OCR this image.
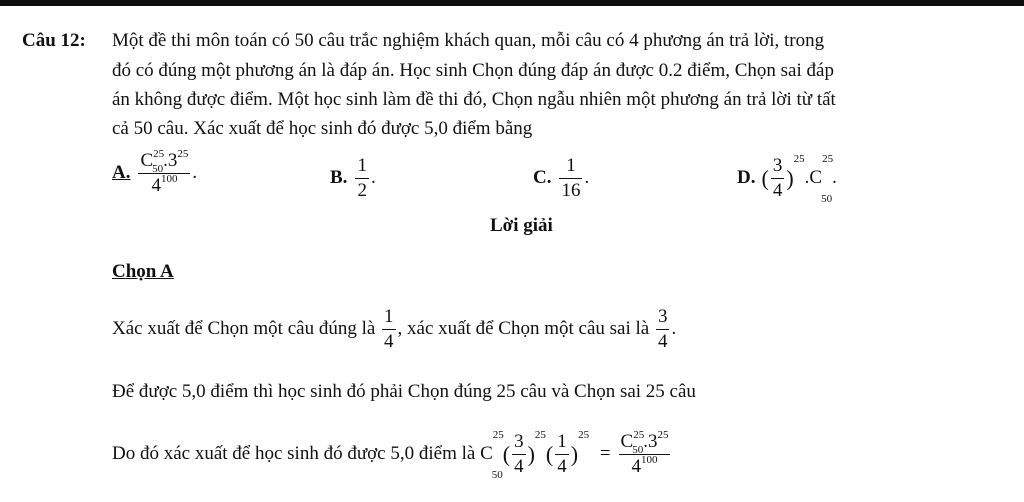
Câu 12: Một đề thi môn toán có 50 câu trắc nghiệm khách quan, mỗi câu có 4 phương án trả lời, trong
đó có đúng một phương án là đáp án. Học sinh Chọn đúng đáp án được 0.2 điểm, Chọn sai đáp
án không được điểm. Một học sinh làm đề thi đó, Chọn ngẫu nhiên một phương án trả lời từ tất
cả 50 câu. Xác xuất để học sinh đó được 5,0 điểm bằng
A. $\frac{C^{25}50.3^{25}}{4^{100}}$ .	B. $\frac{1}{2}$ .	C. $\frac{1}{16}$ .	D. ( $\frac{3}{4} )^{25}.C^{25}50$.
Lời giải
Chọn A
Xác xuất để Chọn một câu đúng là $\frac{1}{4}$ , xác xuất để Chọn một câu sai là $\frac{3}{4}$ .
Để được 5,0 điểm thì học sinh đó phải Chọn đúng 25 câu và Chọn sai 25 câu
Do đó xác xuất để học sinh đó được 5,0 điểm là $C^{25}50( \frac{3}{4} )^{25}( \frac{1}{4} )^{25} = \frac{C^{25}50.3^{25}}{4^{100}}$
